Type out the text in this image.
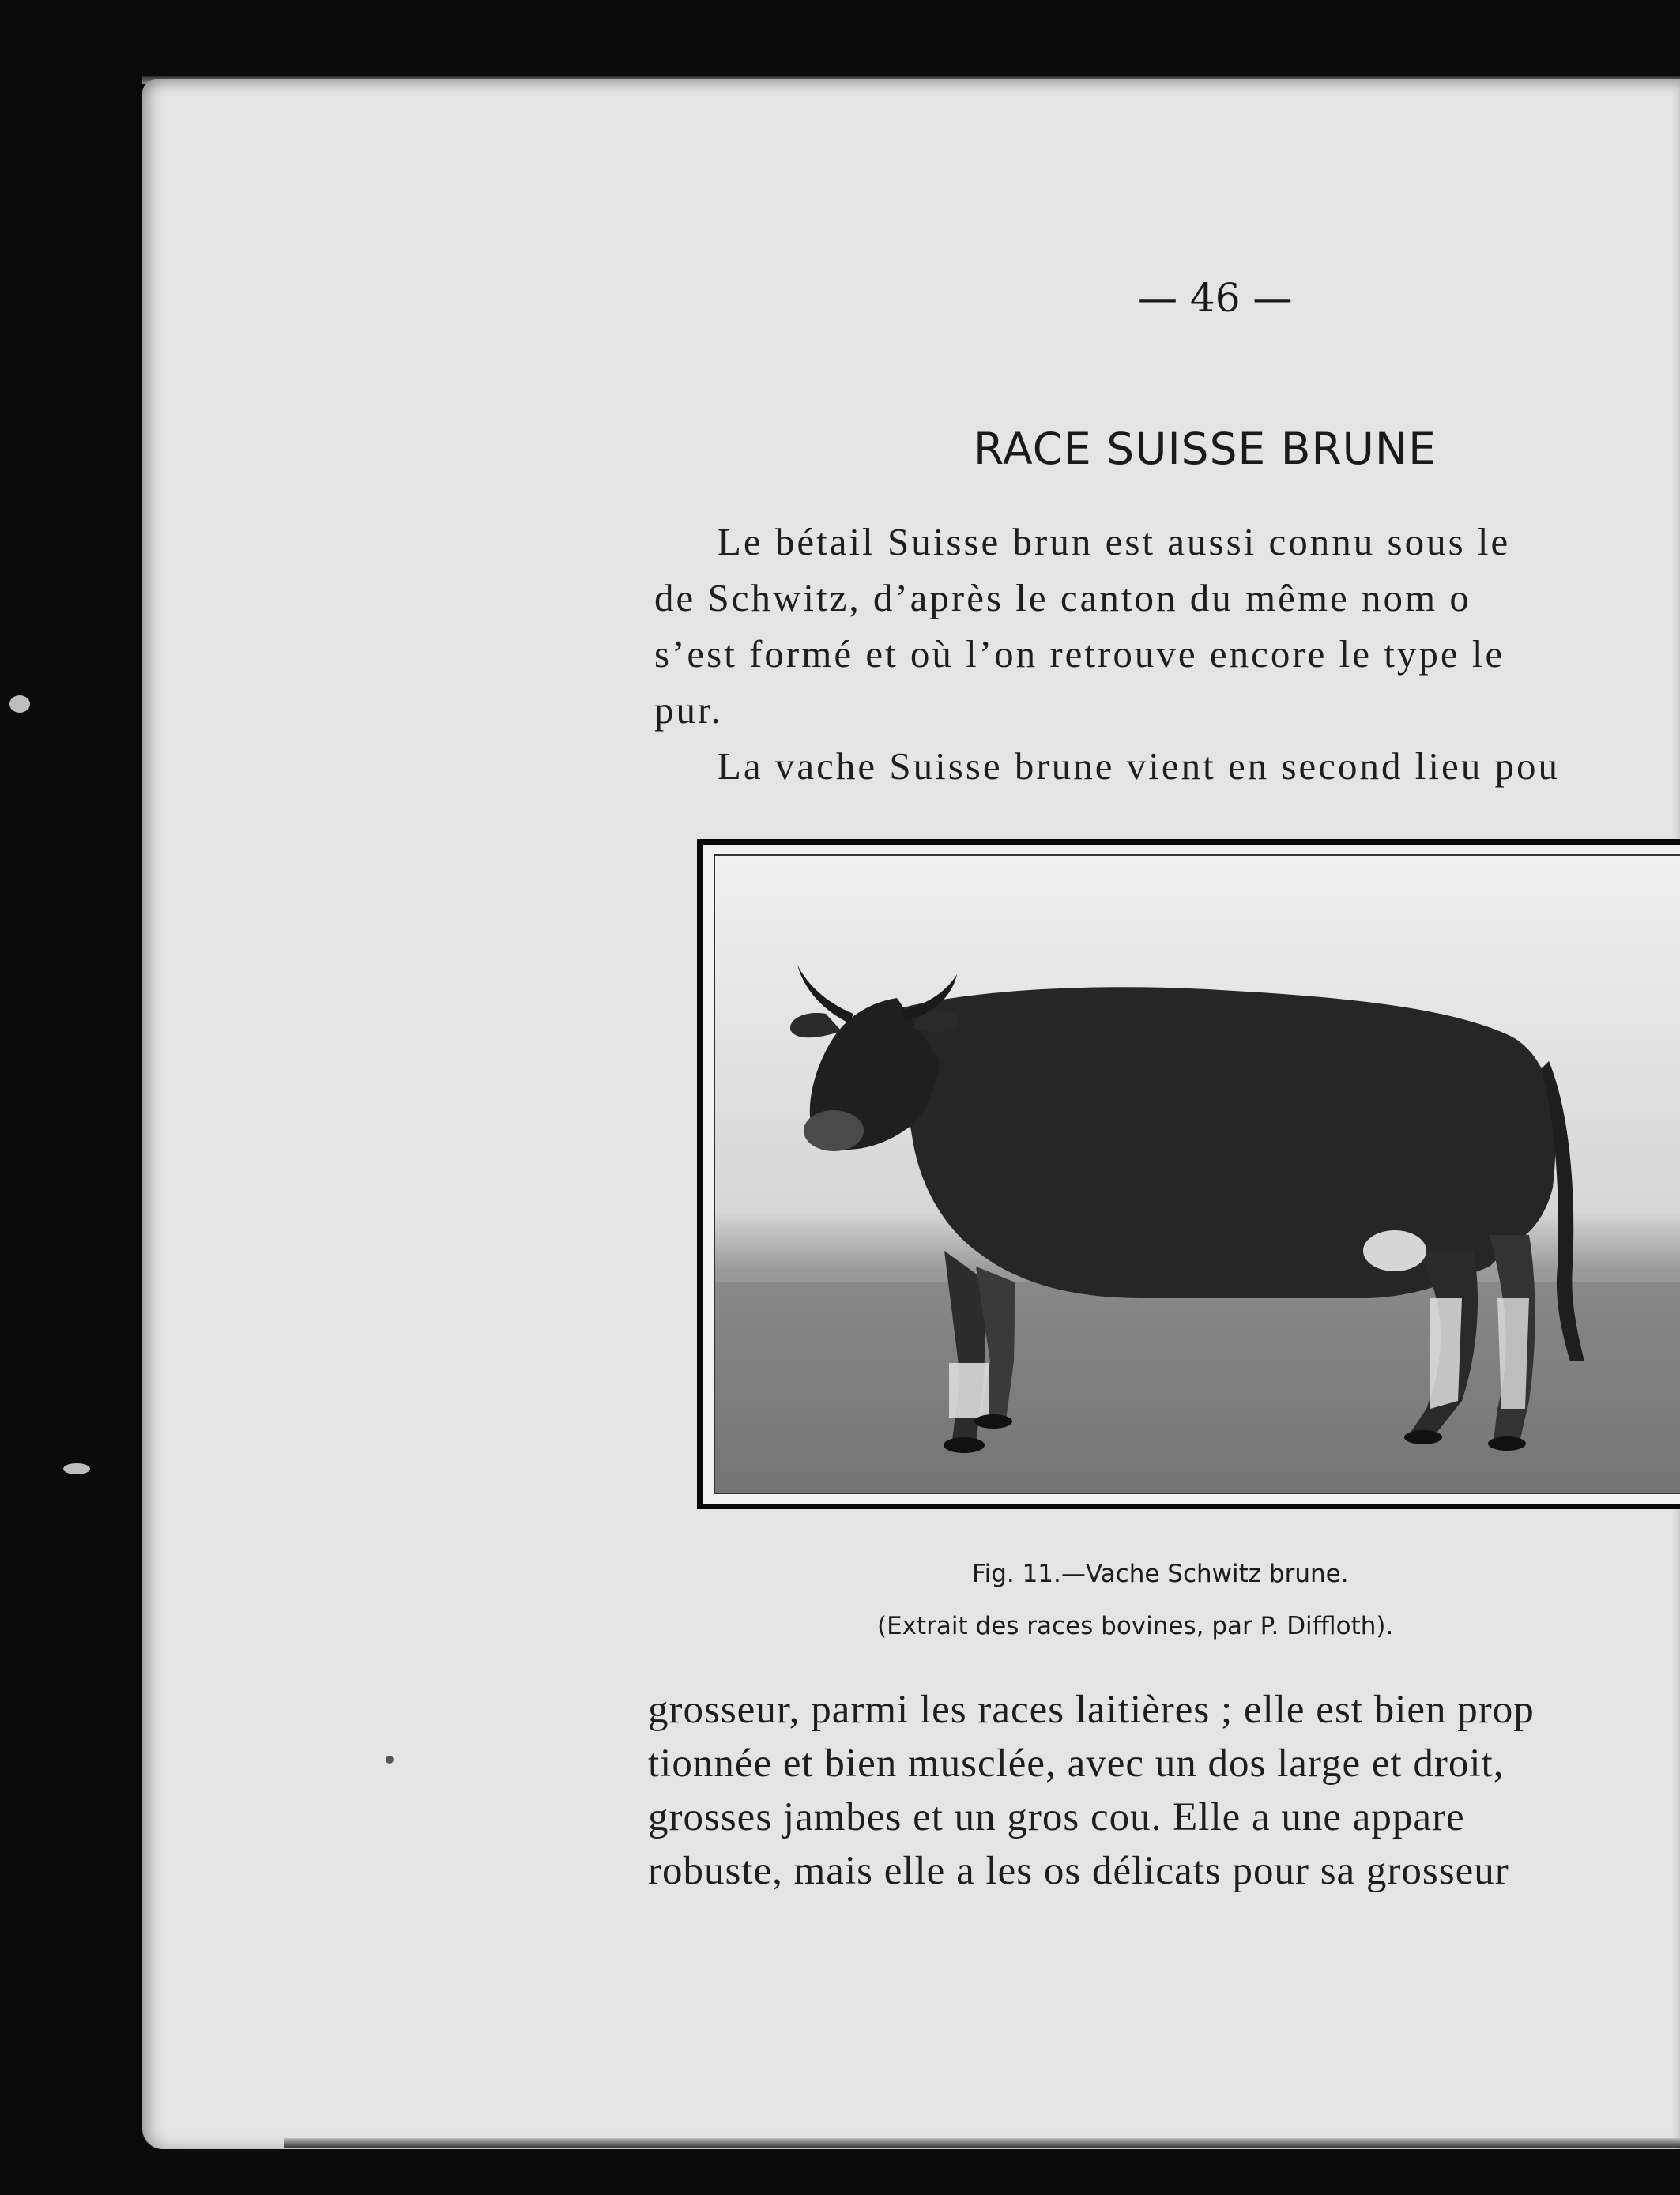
— 46 —
RACE SUISSE BRUNE
Le bétail Suisse brun est aussi connu sous le
de Schwitz, d’après le canton du même nom o
s’est formé et où l’on retrouve encore le type le
pur.
La vache Suisse brune vient en second lieu pou
Fig. 11.—Vache Schwitz brune.
(Extrait des races bovines, par P. Diffloth).
grosseur, parmi les races laitières ; elle est bien prop
tionnée et bien musclée, avec un dos large et droit,
grosses jambes et un gros cou. Elle a une appare
robuste, mais elle a les os délicats pour sa grosseur
